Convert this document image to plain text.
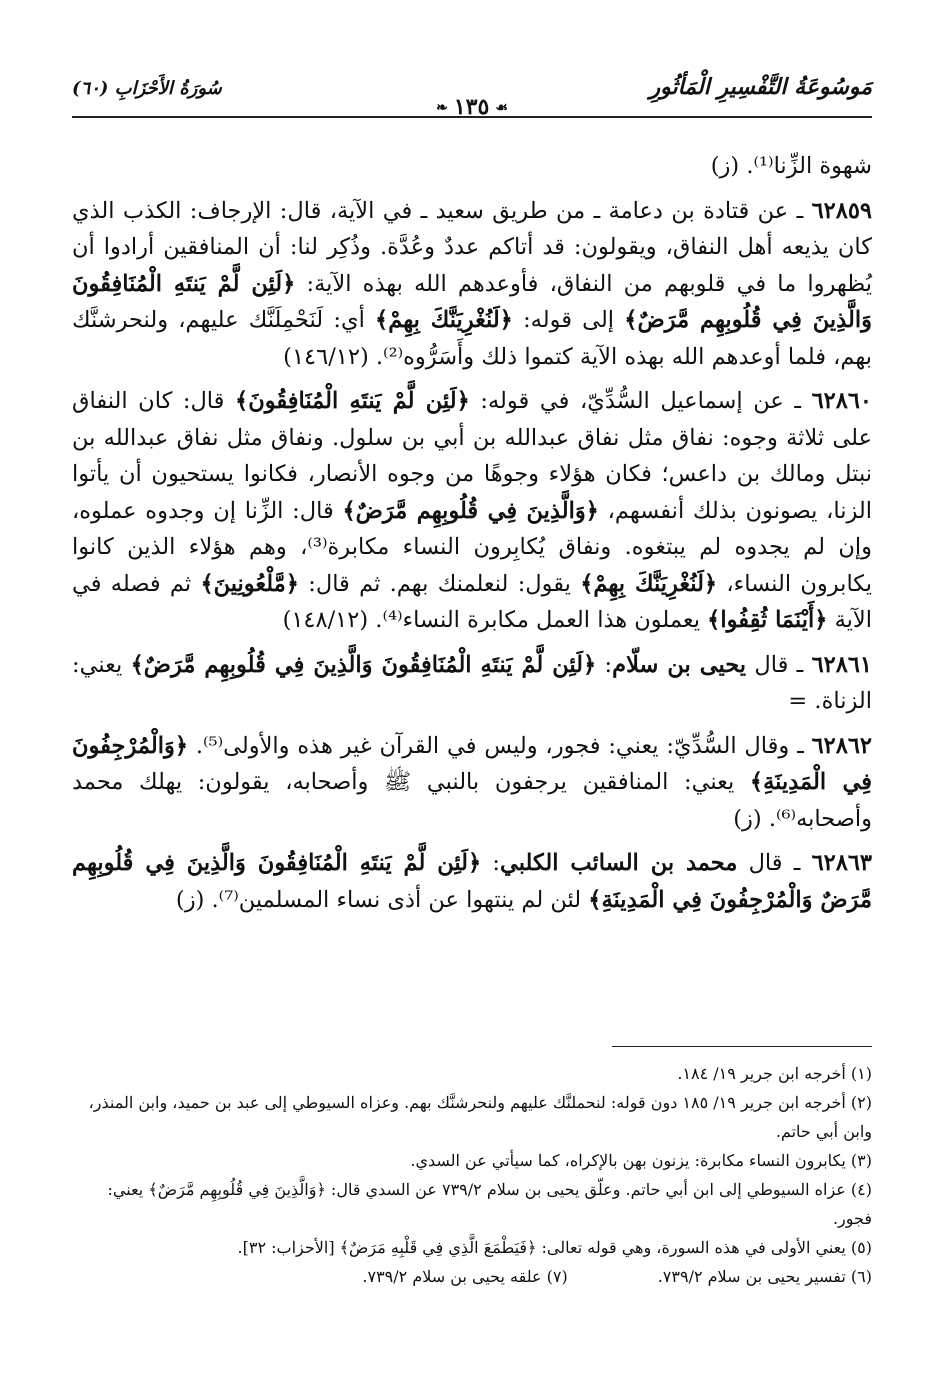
مَوسُوعَةُ التَّفْسِيرِ الْمَأثُورِ
☙١٣٥❧
سُورَةُ الأَحْزَابِ (٦٠)

شهوة الزِّنا⁽¹⁾. (ز)

٦٢٨٥٩ ـ عن قتادة بن دعامة ـ من طريق سعيد ـ في الآية، قال: الإرجاف: الكذب الذي كان يذيعه أهل النفاق، ويقولون: قد أتاكم عددٌ وعُدَّة. وذُكِر لنا: أن المنافقين أرادوا أن يُظهروا ما في قلوبهم من النفاق، فأوعدهم الله بهذه الآية: ﴿لَئِن لَّمْ يَنتَهِ الْمُنَافِقُونَ وَالَّذِينَ فِي قُلُوبِهِم مَّرَضٌ﴾ إلى قوله: ﴿لَنُغْرِيَنَّكَ بِهِمْ﴾ أي: لَنَحْمِلَنَّك عليهم، ولنحرشنَّك بهم، فلما أوعدهم الله بهذه الآية كتموا ذلك وأَسَرُّوه⁽²⁾. (١٤٦/١٢)

٦٢٨٦٠ ـ عن إسماعيل السُّدِّيّ، في قوله: ﴿لَئِن لَّمْ يَنتَهِ الْمُنَافِقُونَ﴾ قال: كان النفاق على ثلاثة وجوه: نفاق مثل نفاق عبدالله بن أبي بن سلول. ونفاق مثل نفاق عبدالله بن نبتل ومالك بن داعس؛ فكان هؤلاء وجوهًا من وجوه الأنصار، فكانوا يستحيون أن يأتوا الزنا، يصونون بذلك أنفسهم، ﴿وَالَّذِينَ فِي قُلُوبِهِم مَّرَضٌ﴾ قال: الزِّنا إن وجدوه عملوه، وإن لم يجدوه لم يبتغوه. ونفاق يُكابِرون النساء مكابرة⁽³⁾، وهم هؤلاء الذين كانوا يكابرون النساء، ﴿لَنُغْرِيَنَّكَ بِهِمْ﴾ يقول: لنعلمنك بهم. ثم قال: ﴿مَّلْعُونِينَ﴾ ثم فصله في الآية ﴿أَيْنَمَا ثُقِفُوا﴾ يعملون هذا العمل مكابرة النساء⁽⁴⁾. (١٤٨/١٢)

٦٢٨٦١ ـ قال يحيى بن سلّام: ﴿لَئِن لَّمْ يَنتَهِ الْمُنَافِقُونَ وَالَّذِينَ فِي قُلُوبِهِم مَّرَضٌ﴾ يعني: الزناة. =

٦٢٨٦٢ ـ وقال السُّدِّيّ: يعني: فجور، وليس في القرآن غير هذه والأولى⁽⁵⁾. ﴿وَالْمُرْجِفُونَ فِي الْمَدِينَةِ﴾ يعني: المنافقين يرجفون بالنبي ﷺ وأصحابه، يقولون: يهلك محمد وأصحابه⁽⁶⁾. (ز)

٦٢٨٦٣ ـ قال محمد بن السائب الكلبي: ﴿لَئِن لَّمْ يَنتَهِ الْمُنَافِقُونَ وَالَّذِينَ فِي قُلُوبِهِم مَّرَضٌ وَالْمُرْجِفُونَ فِي الْمَدِينَةِ﴾ لئن لم ينتهوا عن أذى نساء المسلمين⁽⁷⁾. (ز)

(١) أخرجه ابن جرير ١٩/ ١٨٤.

(٢) أخرجه ابن جرير ١٩/ ١٨٥ دون قوله: لنحملنَّك عليهم ولنحرشنَّك بهم. وعزاه السيوطي إلى عبد بن حميد، وابن المنذر، وابن أبي حاتم.

(٣) يكابرون النساء مكابرة: يزنون بهن بالإكراه، كما سيأتي عن السدي.

(٤) عزاه السيوطي إلى ابن أبي حاتم. وعلّق يحيى بن سلام ٧٣٩/٢ عن السدي قال: ﴿وَالَّذِينَ فِي قُلُوبِهِم مَّرَضٌ﴾ يعني: فجور.

(٥) يعني الأولى في هذه السورة، وهي قوله تعالى: ﴿فَيَطْمَعَ الَّذِي فِي قَلْبِهِ مَرَضٌ﴾ [الأحزاب: ٣٢].

(٦) تفسير يحيى بن سلام ٧٣٩/٢.
(٧) علقه يحيى بن سلام ٧٣٩/٢.
